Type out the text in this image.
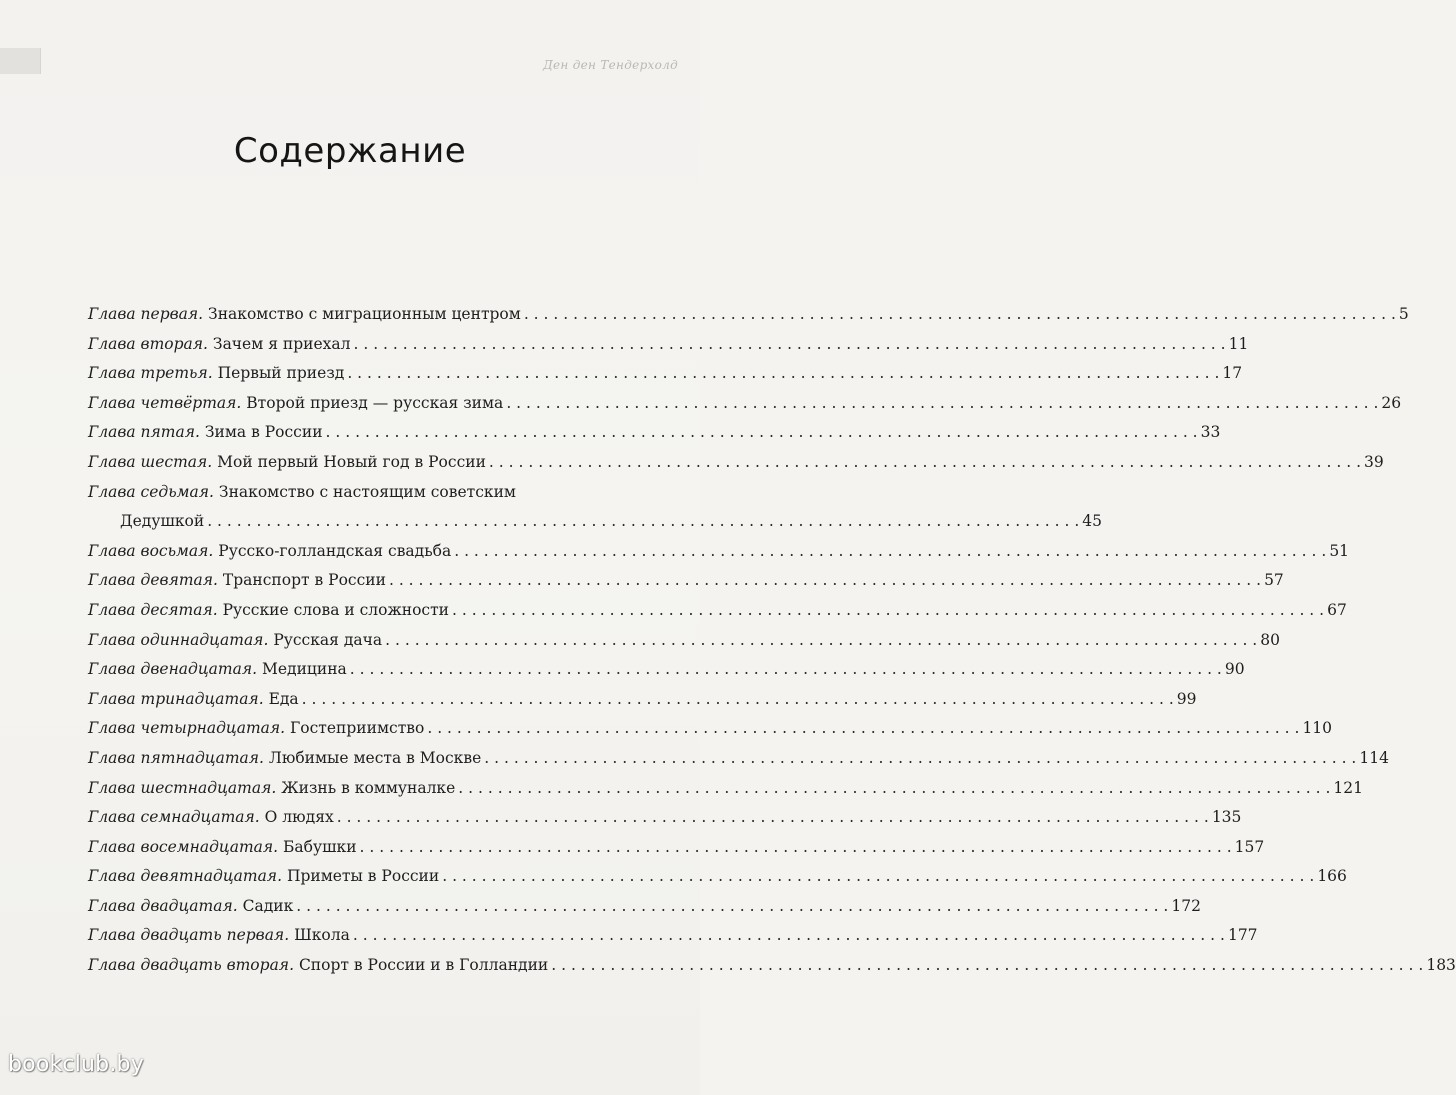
Ден ден Тендерхолд
Содержание
Глава первая. Знакомство с миграционным центром . . .	5
Глава вторая. Зачем я приехал . . .	11
Глава третья. Первый приезд . . .	17
Глава четвёртая. Второй приезд — русская зима . . .	26
Глава пятая. Зима в России . . .	33
Глава шестая. Мой первый Новый год в России . . .	39
Глава седьмая. Знакомство с настоящим советским
Дедушкой . . .	45
Глава восьмая. Русско-голландская свадьба . . .	51
Глава девятая. Транспорт в России . . .	57
Глава десятая. Русские слова и сложности . . .	67
Глава одиннадцатая. Русская дача . . .	80
Глава двенадцатая. Медицина . . .	90
Глава тринадцатая. Еда . . .	99
Глава четырнадцатая. Гостеприимство . . .	110
Глава пятнадцатая. Любимые места в Москве . . .	114
Глава шестнадцатая. Жизнь в коммуналке . . .	121
Глава семнадцатая. О людях . . .	135
Глава восемнадцатая. Бабушки . . .	157
Глава девятнадцатая. Приметы в России . . .	166
Глава двадцатая. Садик . . .	172
Глава двадцать первая. Школа . . .	177
Глава двадцать вторая. Спорт в России и в Голландии . . .	183
bookclub.by
